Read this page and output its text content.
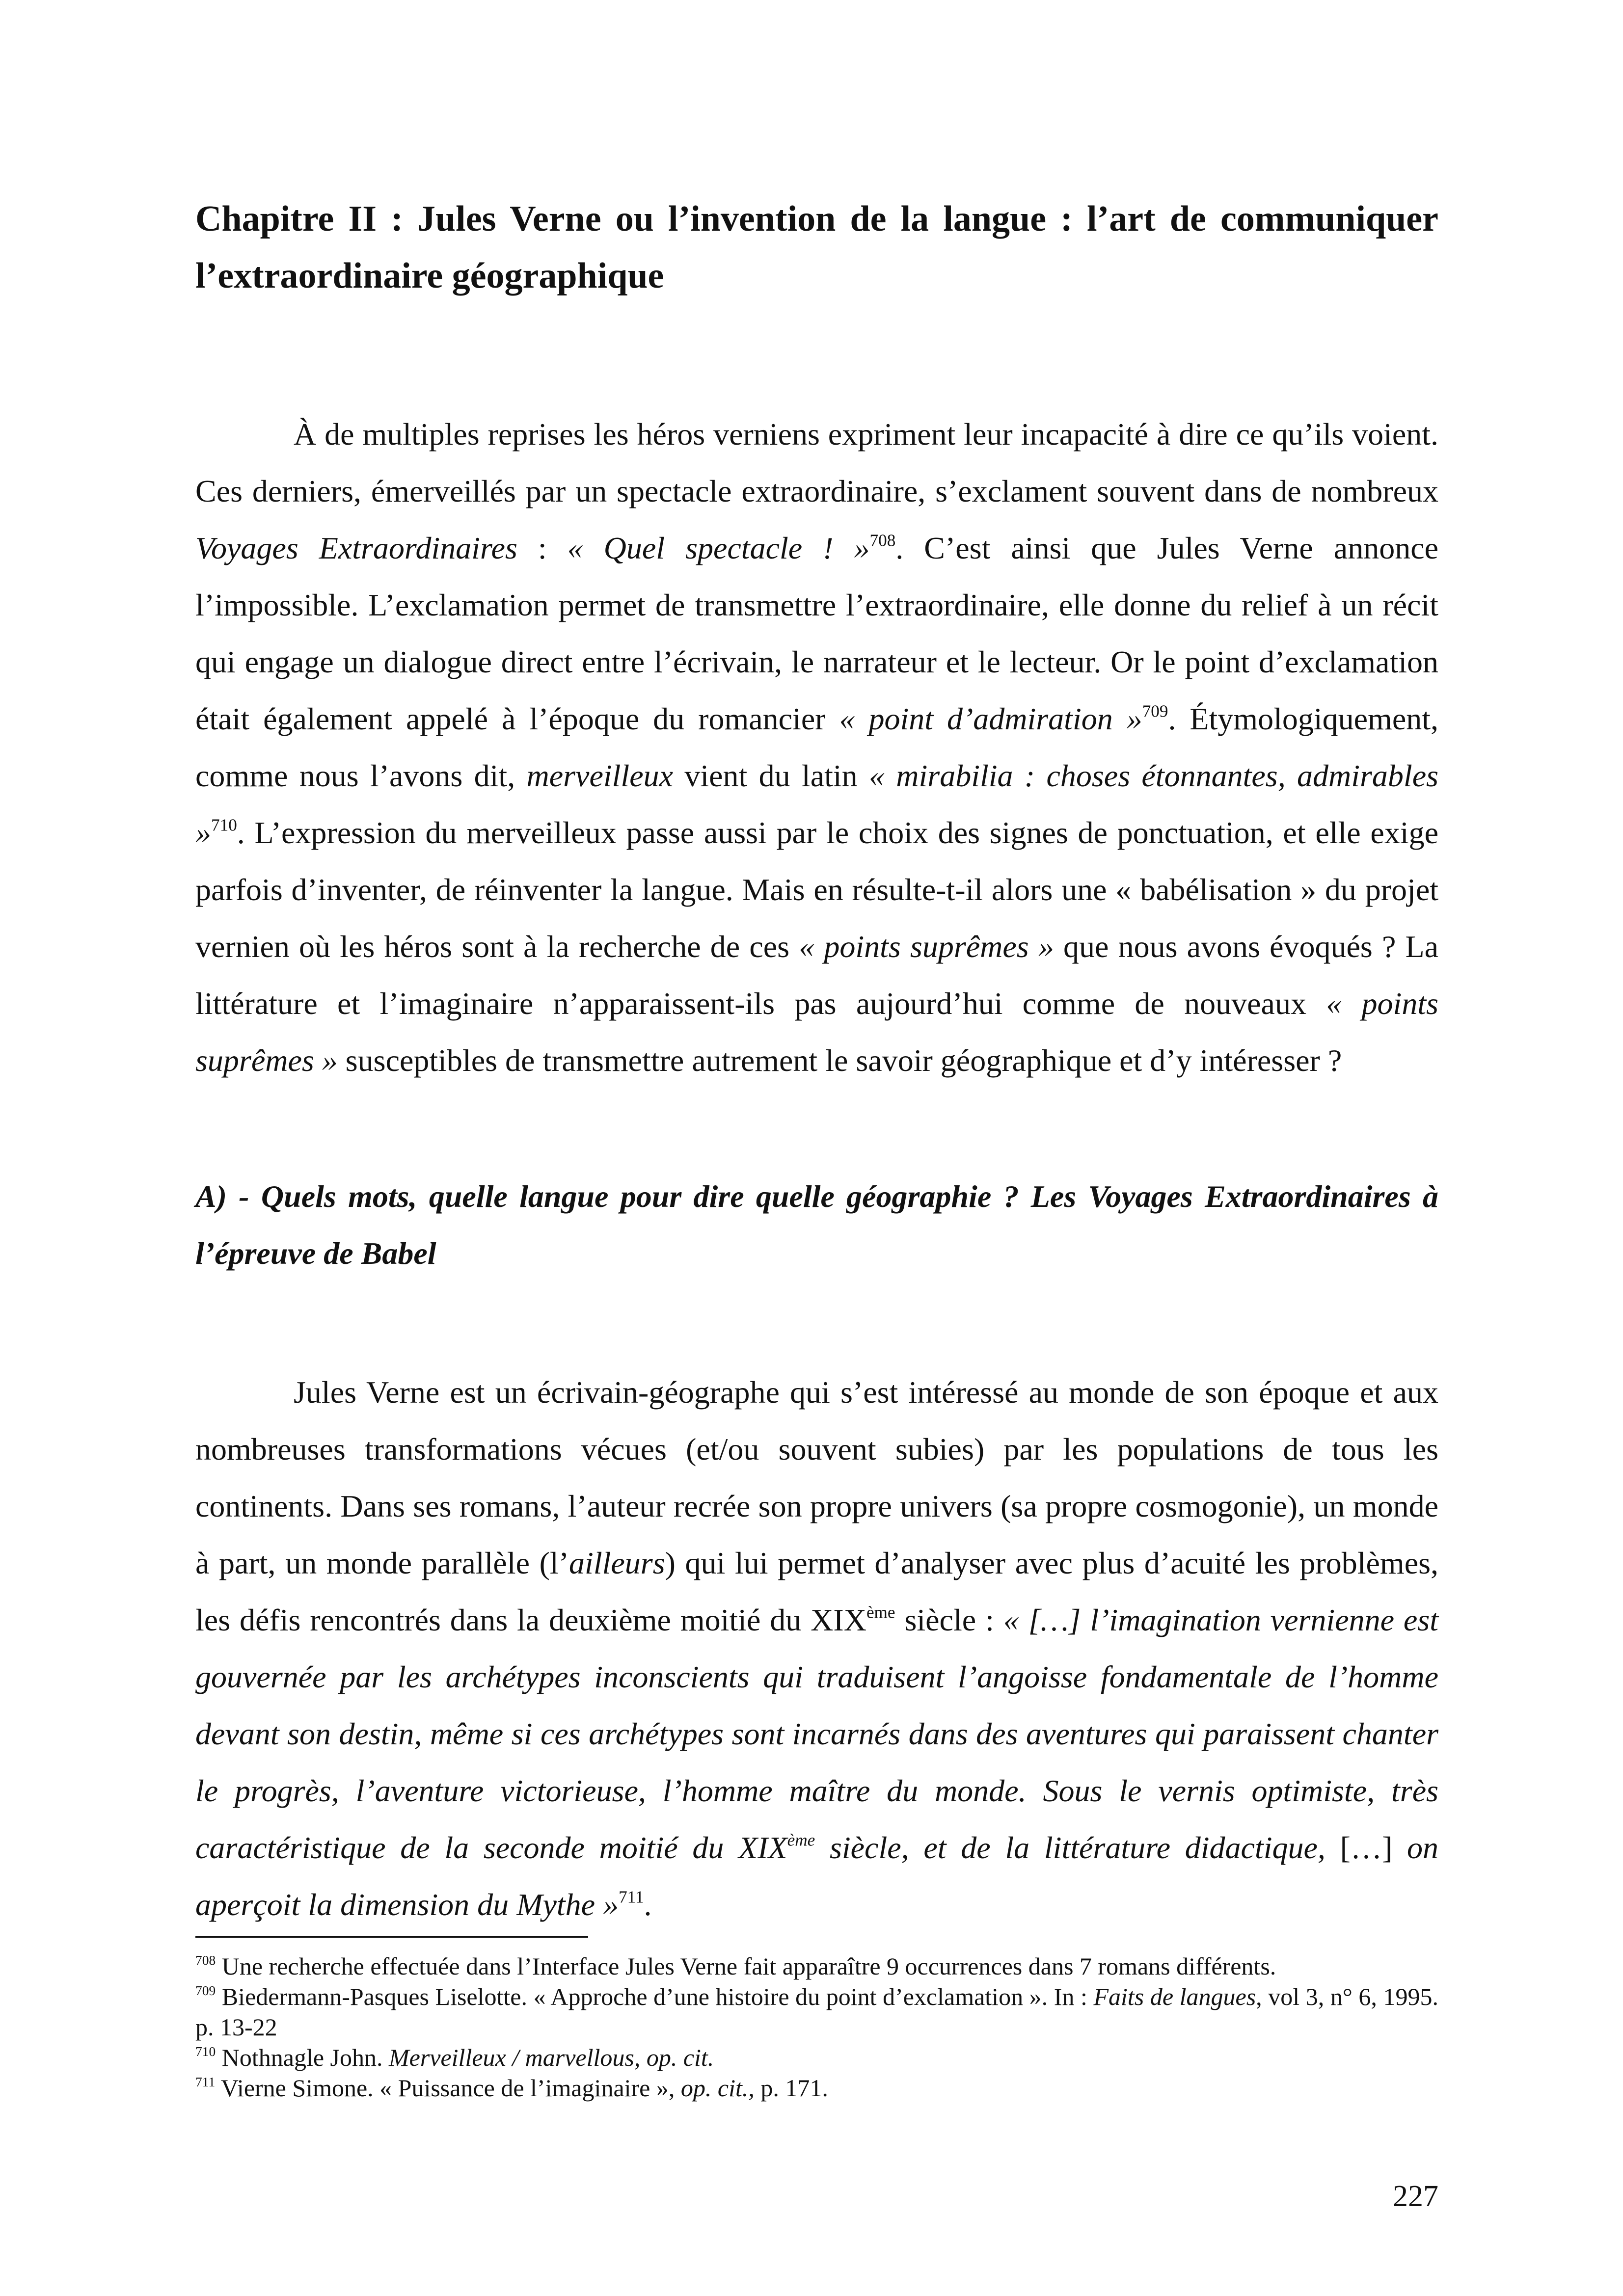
Chapitre II : Jules Verne ou l’invention de la langue : l’art de communiquer l’extraordinaire géographique

À de multiples reprises les héros verniens expriment leur incapacité à dire ce qu’ils voient. Ces derniers, émerveillés par un spectacle extraordinaire, s’exclament souvent dans de nombreux Voyages Extraordinaires : « Quel spectacle ! »$^{708}$. C’est ainsi que Jules Verne annonce l’impossible. L’exclamation permet de transmettre l’extraordinaire, elle donne du relief à un récit qui engage un dialogue direct entre l’écrivain, le narrateur et le lecteur. Or le point d’exclamation était également appelé à l’époque du romancier « point d’admiration »$^{709}$. Étymologiquement, comme nous l’avons dit, merveilleux vient du latin « mirabilia : choses étonnantes, admirables »$^{710}$. L’expression du merveilleux passe aussi par le choix des signes de ponctuation, et elle exige parfois d’inventer, de réinventer la langue. Mais en résulte-t-il alors une « babélisation » du projet vernien où les héros sont à la recherche de ces « points suprêmes » que nous avons évoqués ? La littérature et l’imaginaire n’apparaissent-ils pas aujourd’hui comme de nouveaux « points suprêmes » susceptibles de transmettre autrement le savoir géographique et d’y intéresser ?

A) - Quels mots, quelle langue pour dire quelle géographie ? Les Voyages Extraordinaires à l’épreuve de Babel

Jules Verne est un écrivain-géographe qui s’est intéressé au monde de son époque et aux nombreuses transformations vécues (et/ou souvent subies) par les populations de tous les continents. Dans ses romans, l’auteur recrée son propre univers (sa propre cosmogonie), un monde à part, un monde parallèle (l’ailleurs) qui lui permet d’analyser avec plus d’acuité les problèmes, les défis rencontrés dans la deuxième moitié du XIXème siècle : « […] l’imagination vernienne est gouvernée par les archétypes inconscients qui traduisent l’angoisse fondamentale de l’homme devant son destin, même si ces archétypes sont incarnés dans des aventures qui paraissent chanter le progrès, l’aventure victorieuse, l’homme maître du monde. Sous le vernis optimiste, très caractéristique de la seconde moitié du XIXème siècle, et de la littérature didactique, […] on aperçoit la dimension du Mythe »$^{711}$.

$^{708}$ Une recherche effectuée dans l’Interface Jules Verne fait apparaître 9 occurrences dans 7 romans différents.

$^{709}$ Biedermann-Pasques Liselotte. « Approche d’une histoire du point d’exclamation ». In : Faits de langues, vol 3, n° 6, 1995. p. 13-22

$^{710}$ Nothnagle John. Merveilleux / marvellous, op. cit.

$^{711}$ Vierne Simone. « Puissance de l’imaginaire », op. cit., p. 171.

227
